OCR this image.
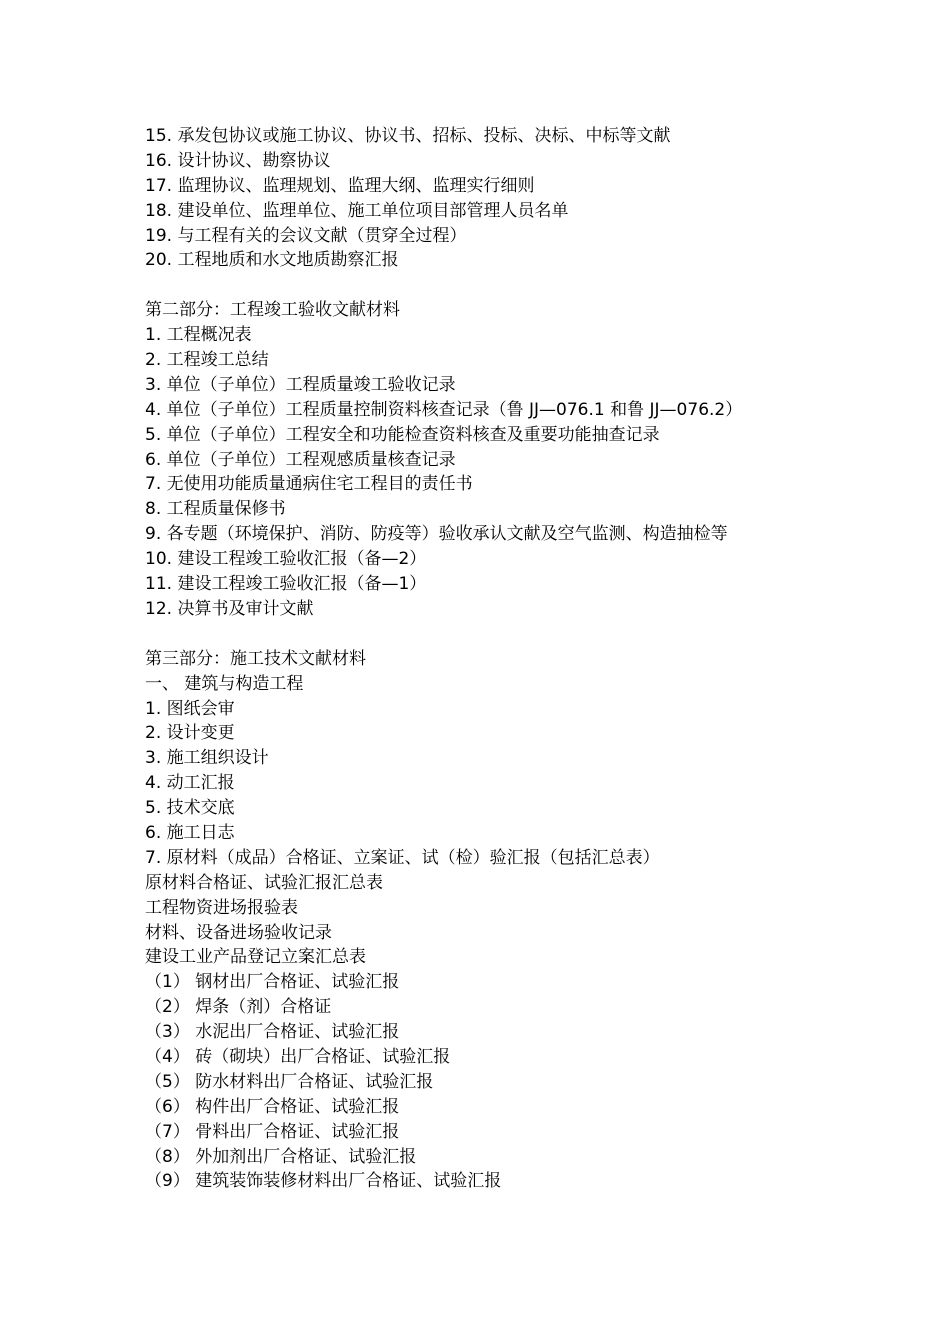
15. 承发包协议或施工协议、协议书、招标、投标、决标、中标等文献
16. 设计协议、勘察协议
17. 监理协议、监理规划、监理大纲、监理实行细则
18. 建设单位、监理单位、施工单位项目部管理人员名单
19. 与工程有关的会议文献（贯穿全过程）
20. 工程地质和水文地质勘察汇报
第二部分：工程竣工验收文献材料
1. 工程概况表
2. 工程竣工总结
3. 单位（子单位）工程质量竣工验收记录
4. 单位（子单位）工程质量控制资料核查记录（鲁 JJ—076.1 和鲁 JJ—076.2）
5. 单位（子单位）工程安全和功能检查资料核查及重要功能抽查记录
6. 单位（子单位）工程观感质量核查记录
7. 无使用功能质量通病住宅工程目的责任书
8. 工程质量保修书
9. 各专题（环境保护、消防、防疫等）验收承认文献及空气监测、构造抽检等
10. 建设工程竣工验收汇报（备—2）
11. 建设工程竣工验收汇报（备—1）
12. 决算书及审计文献
第三部分：施工技术文献材料
一、 建筑与构造工程
1. 图纸会审
2. 设计变更
3. 施工组织设计
4. 动工汇报
5. 技术交底
6. 施工日志
7. 原材料（成品）合格证、立案证、试（检）验汇报（包括汇总表）
原材料合格证、试验汇报汇总表
工程物资进场报验表
材料、设备进场验收记录
建设工业产品登记立案汇总表
（1） 钢材出厂合格证、试验汇报
（2） 焊条（剂）合格证
（3） 水泥出厂合格证、试验汇报
（4） 砖（砌块）出厂合格证、试验汇报
（5） 防水材料出厂合格证、试验汇报
（6） 构件出厂合格证、试验汇报
（7） 骨料出厂合格证、试验汇报
（8） 外加剂出厂合格证、试验汇报
（9） 建筑装饰装修材料出厂合格证、试验汇报
